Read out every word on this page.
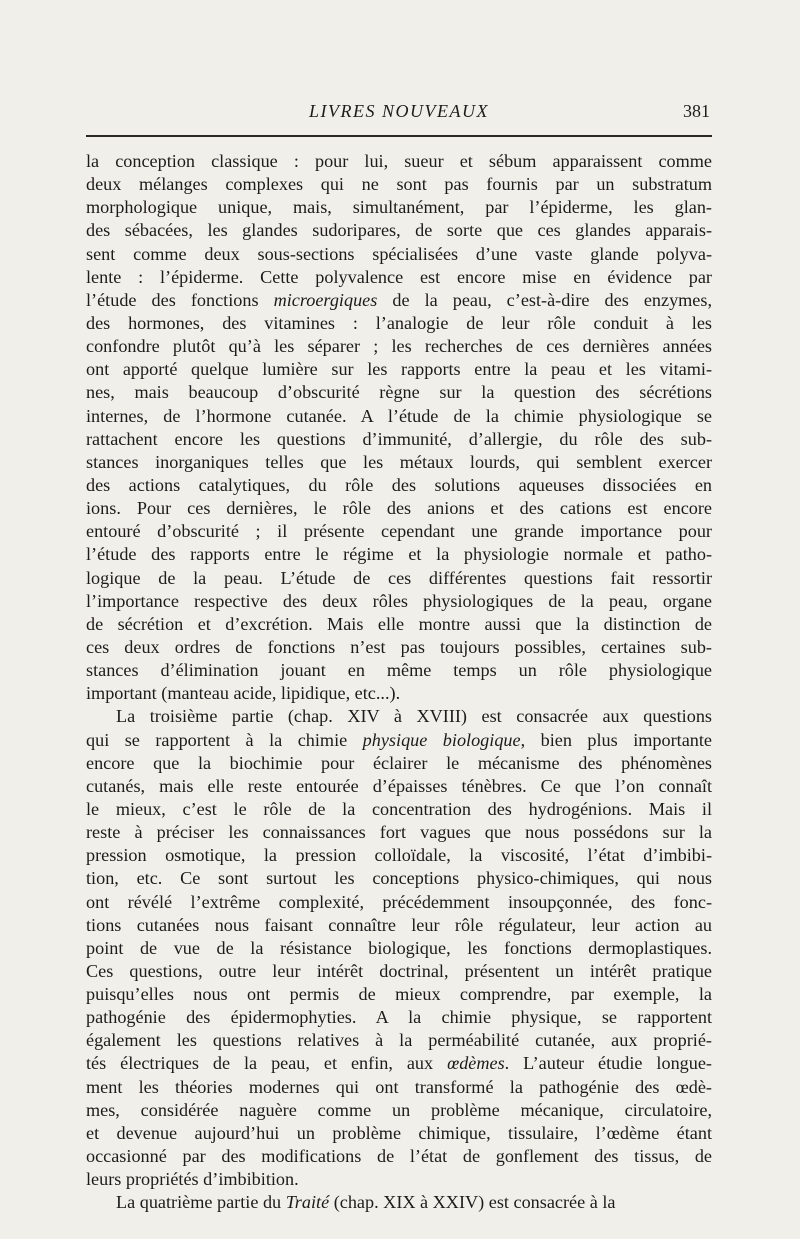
LIVRES NOUVEAUX	381
la conception classique : pour lui, sueur et sébum apparaissent comme
deux mélanges complexes qui ne sont pas fournis par un substratum
morphologique unique, mais, simultanément, par l’épiderme, les glan-
des sébacées, les glandes sudoripares, de sorte que ces glandes apparais-
sent comme deux sous-sections spécialisées d’une vaste glande polyva-
lente : l’épiderme. Cette polyvalence est encore mise en évidence par
l’étude des fonctions microergiques de la peau, c’est-à-dire des enzymes,
des hormones, des vitamines : l’analogie de leur rôle conduit à les
confondre plutôt qu’à les séparer ; les recherches de ces dernières années
ont apporté quelque lumière sur les rapports entre la peau et les vitami-
nes, mais beaucoup d’obscurité règne sur la question des sécrétions
internes, de l’hormone cutanée. A l’étude de la chimie physiologique se
rattachent encore les questions d’immunité, d’allergie, du rôle des sub-
stances inorganiques telles que les métaux lourds, qui semblent exercer
des actions catalytiques, du rôle des solutions aqueuses dissociées en
ions. Pour ces dernières, le rôle des anions et des cations est encore
entouré d’obscurité ; il présente cependant une grande importance pour
l’étude des rapports entre le régime et la physiologie normale et patho-
logique de la peau. L’étude de ces différentes questions fait ressortir
l’importance respective des deux rôles physiologiques de la peau, organe
de sécrétion et d’excrétion. Mais elle montre aussi que la distinction de
ces deux ordres de fonctions n’est pas toujours possibles, certaines sub-
stances d’élimination jouant en même temps un rôle physiologique
important (manteau acide, lipidique, etc...).
La troisième partie (chap. XIV à XVIII) est consacrée aux questions
qui se rapportent à la chimie physique biologique, bien plus importante
encore que la biochimie pour éclairer le mécanisme des phénomènes
cutanés, mais elle reste entourée d’épaisses ténèbres. Ce que l’on connaît
le mieux, c’est le rôle de la concentration des hydrogénions. Mais il
reste à préciser les connaissances fort vagues que nous possédons sur la
pression osmotique, la pression colloïdale, la viscosité, l’état d’imbibi-
tion, etc. Ce sont surtout les conceptions physico-chimiques, qui nous
ont révélé l’extrême complexité, précédemment insoupçonnée, des fonc-
tions cutanées nous faisant connaître leur rôle régulateur, leur action au
point de vue de la résistance biologique, les fonctions dermoplastiques.
Ces questions, outre leur intérêt doctrinal, présentent un intérêt pratique
puisqu’elles nous ont permis de mieux comprendre, par exemple, la
pathogénie des épidermophyties. A la chimie physique, se rapportent
également les questions relatives à la perméabilité cutanée, aux proprié-
tés électriques de la peau, et enfin, aux œdèmes. L’auteur étudie longue-
ment les théories modernes qui ont transformé la pathogénie des œdè-
mes, considérée naguère comme un problème mécanique, circulatoire,
et devenue aujourd’hui un problème chimique, tissulaire, l’œdème étant
occasionné par des modifications de l’état de gonflement des tissus, de
leurs propriétés d’imbibition.
La quatrième partie du Traité (chap. XIX à XXIV) est consacrée à la
